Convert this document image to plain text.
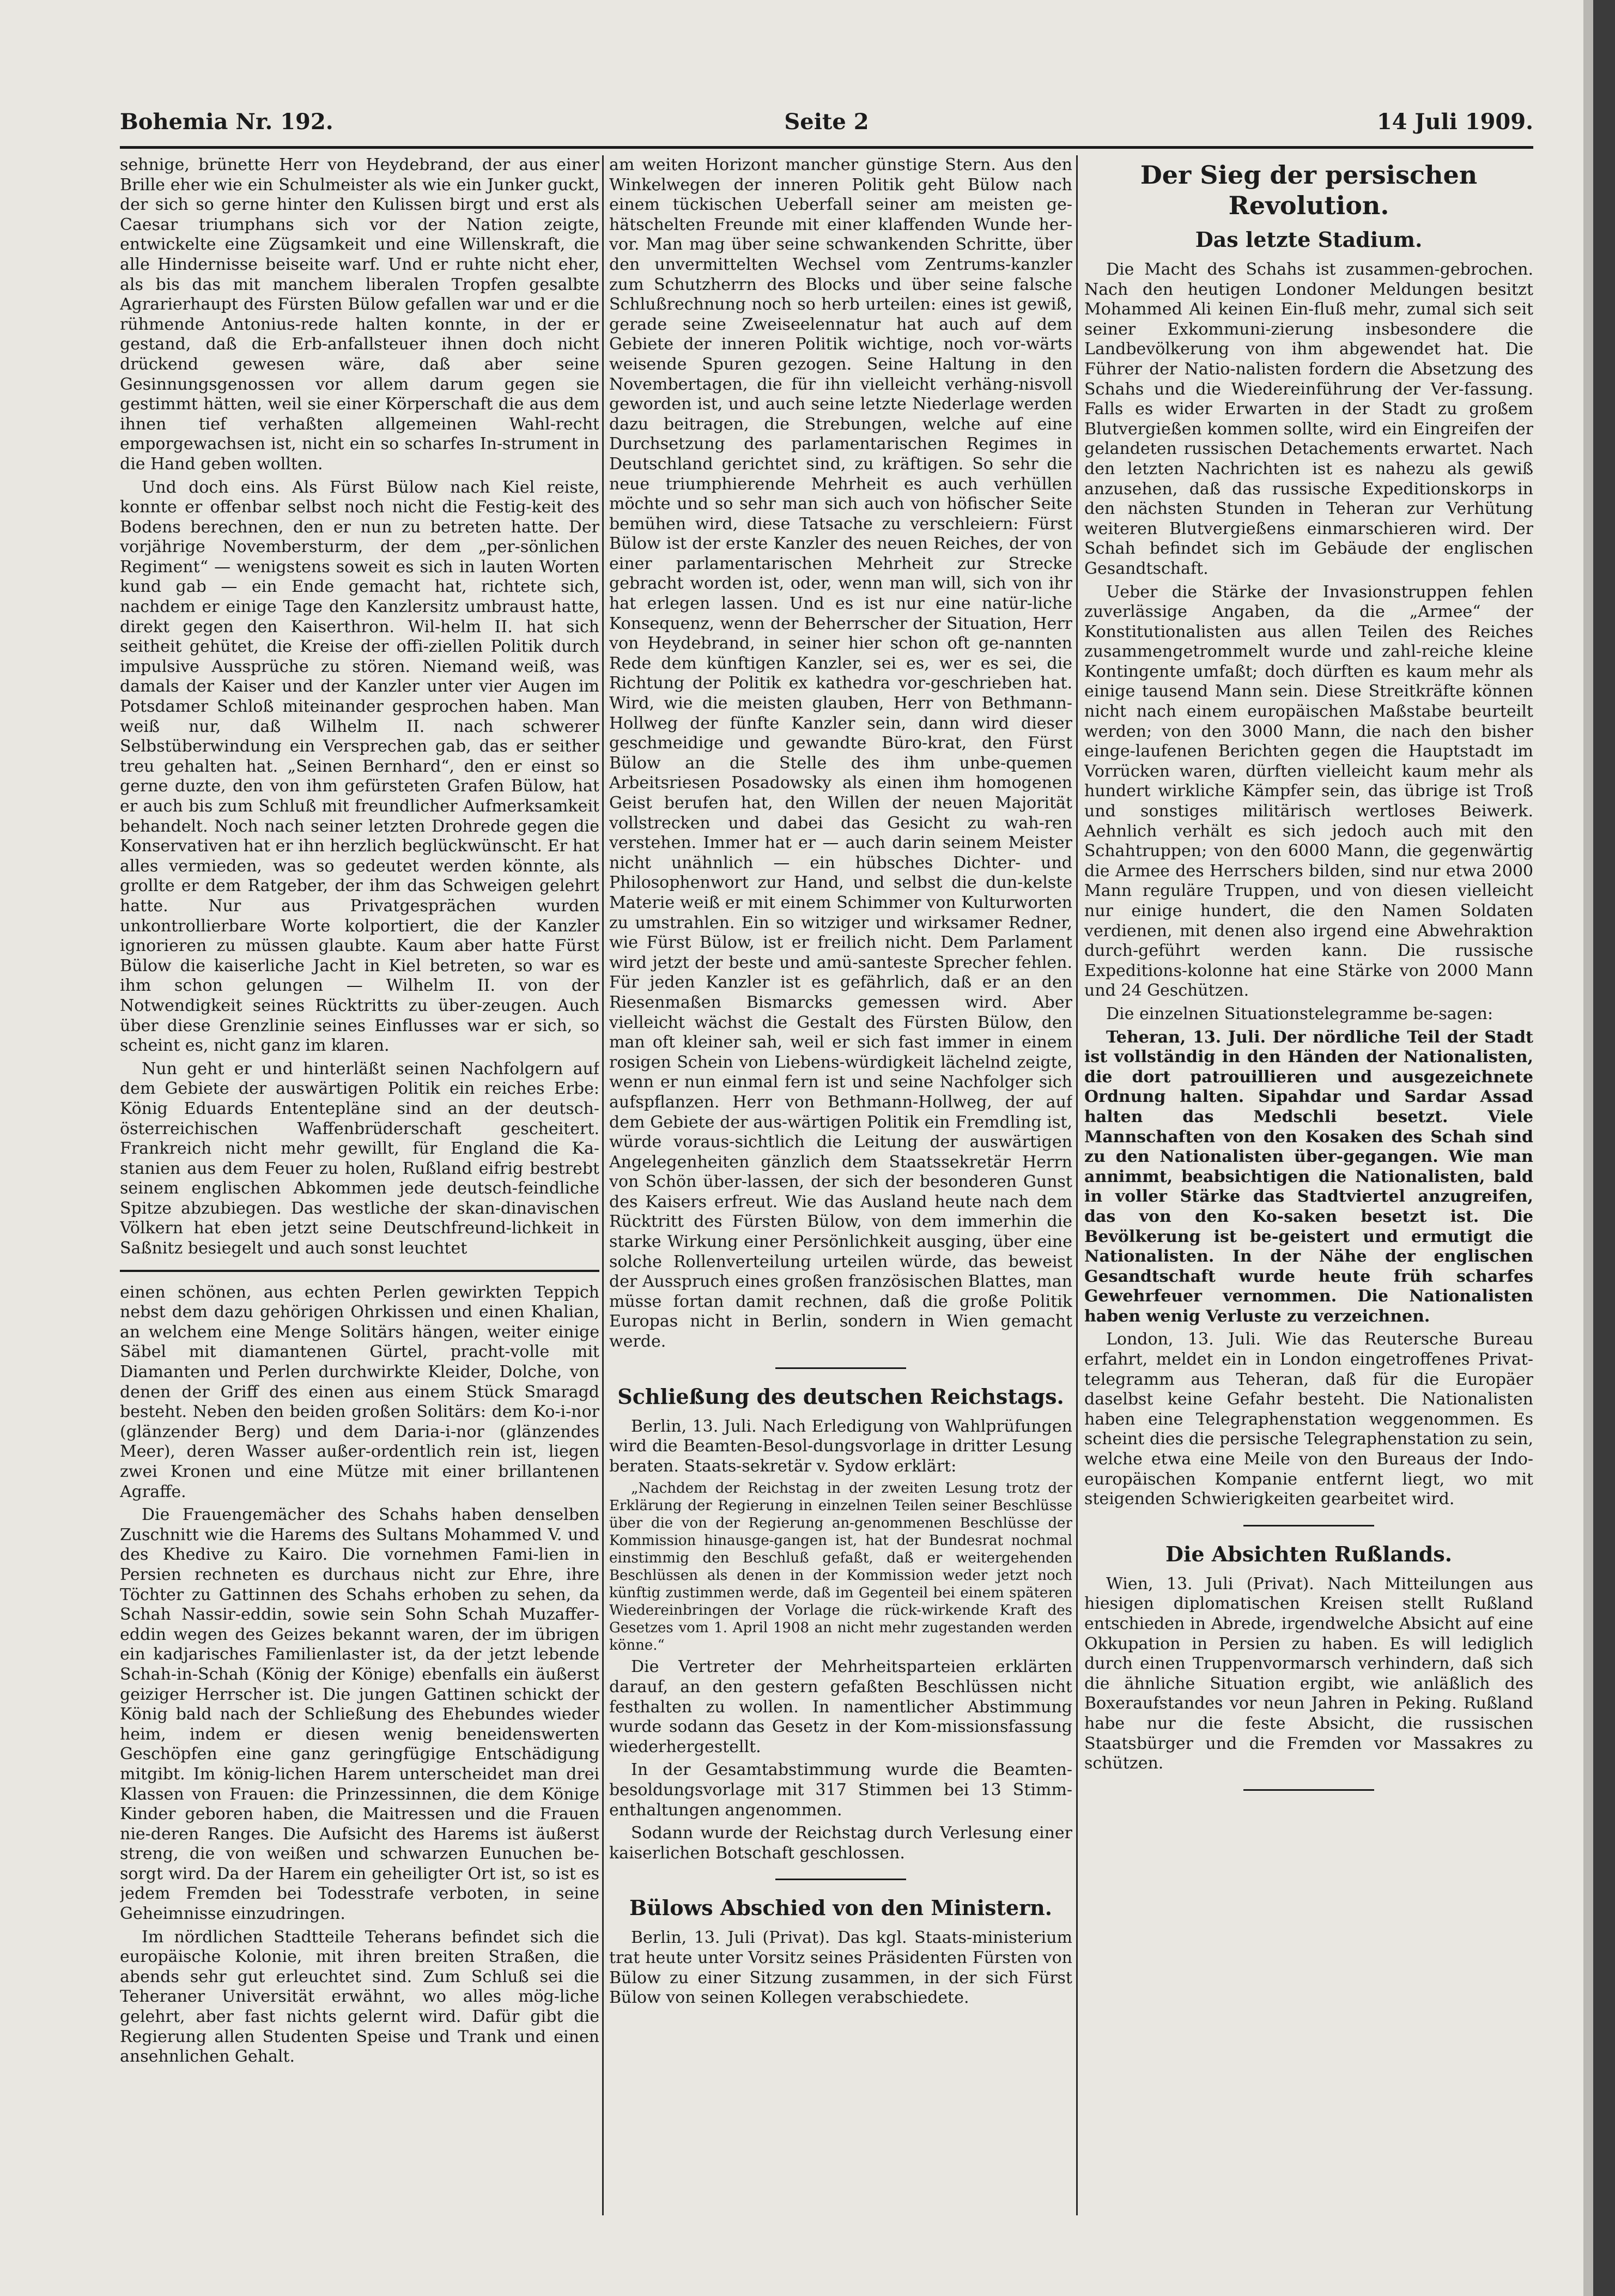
Bohemia Nr. 192.	Seite 2	14 Juli 1909.

sehnige, brünette Herr von Heydebrand, der aus einer Brille eher wie ein Schulmeister als wie ein Junker guckt, der sich so gerne hinter den Kulissen birgt und erst als Caesar triumphans sich vor der Nation zeigte, entwickelte eine Zügsamkeit und eine Willenskraft, die alle Hindernisse beiseite warf. Und er ruhte nicht eher, als bis das mit manchem liberalen Tropfen gesalbte Agrarierhaupt des Fürsten Bülow gefallen war und er die rühmende Antonius-rede halten konnte, in der er gestand, daß die Erb-anfallsteuer ihnen doch nicht drückend gewesen wäre, daß aber seine Gesinnungsgenossen vor allem darum gegen sie gestimmt hätten, weil sie einer Körperschaft die aus dem ihnen tief verhaßten allgemeinen Wahl-recht emporgewachsen ist, nicht ein so scharfes In-strument in die Hand geben wollten.

Und doch eins. Als Fürst Bülow nach Kiel reiste, konnte er offenbar selbst noch nicht die Festig-keit des Bodens berechnen, den er nun zu betreten hatte. Der vorjährige Novembersturm, der dem „per-sönlichen Regiment“ — wenigstens soweit es sich in lauten Worten kund gab — ein Ende gemacht hat, richtete sich, nachdem er einige Tage den Kanzlersitz umbraust hatte, direkt gegen den Kaiserthron. Wil-helm II. hat sich seitheit gehütet, die Kreise der offi-ziellen Politik durch impulsive Aussprüche zu stören. Niemand weiß, was damals der Kaiser und der Kanzler unter vier Augen im Potsdamer Schloß miteinander gesprochen haben. Man weiß nur, daß Wilhelm II. nach schwerer Selbstüberwindung ein Versprechen gab, das er seither treu gehalten hat. „Seinen Bernhard“, den er einst so gerne duzte, den von ihm gefürsteten Grafen Bülow, hat er auch bis zum Schluß mit freundlicher Aufmerksamkeit behandelt. Noch nach seiner letzten Drohrede gegen die Konservativen hat er ihn herzlich beglückwünscht. Er hat alles vermieden, was so gedeutet werden könnte, als grollte er dem Ratgeber, der ihm das Schweigen gelehrt hatte. Nur aus Privatgesprächen wurden unkontrollierbare Worte kolportiert, die der Kanzler ignorieren zu müssen glaubte. Kaum aber hatte Fürst Bülow die kaiserliche Jacht in Kiel betreten, so war es ihm schon gelungen — Wilhelm II. von der Notwendigkeit seines Rücktritts zu über-zeugen. Auch über diese Grenzlinie seines Einflusses war er sich, so scheint es, nicht ganz im klaren.

Nun geht er und hinterläßt seinen Nachfolgern auf dem Gebiete der auswärtigen Politik ein reiches Erbe: König Eduards Ententepläne sind an der deutsch-österreichischen Waffenbrüderschaft gescheitert. Frankreich nicht mehr gewillt, für England die Ka-stanien aus dem Feuer zu holen, Rußland eifrig bestrebt seinem englischen Abkommen jede deutsch-feindliche Spitze abzubiegen. Das westliche der skan-dinavischen Völkern hat eben jetzt seine Deutschfreund-lichkeit in Saßnitz besiegelt und auch sonst leuchtet

einen schönen, aus echten Perlen gewirkten Teppich nebst dem dazu gehörigen Ohrkissen und einen Khalian, an welchem eine Menge Solitärs hängen, weiter einige Säbel mit diamantenen Gürtel, pracht-volle mit Diamanten und Perlen durchwirkte Kleider, Dolche, von denen der Griff des einen aus einem Stück Smaragd besteht. Neben den beiden großen Solitärs: dem Ko-i-nor (glänzender Berg) und dem Daria-i-nor (glänzendes Meer), deren Wasser außer-ordentlich rein ist, liegen zwei Kronen und eine Mütze mit einer brillantenen Agraffe.

Die Frauengemächer des Schahs haben denselben Zuschnitt wie die Harems des Sultans Mohammed V. und des Khedive zu Kairo. Die vornehmen Fami-lien in Persien rechneten es durchaus nicht zur Ehre, ihre Töchter zu Gattinnen des Schahs erhoben zu sehen, da Schah Nassir-eddin, sowie sein Sohn Schah Muzaffer-eddin wegen des Geizes bekannt waren, der im übrigen ein kadjarisches Familienlaster ist, da der jetzt lebende Schah-in-Schah (König der Könige) ebenfalls ein äußerst geiziger Herrscher ist. Die jungen Gattinen schickt der König bald nach der Schließung des Ehebundes wieder heim, indem er diesen wenig beneidenswerten Geschöpfen eine ganz geringfügige Entschädigung mitgibt. Im könig-lichen Harem unterscheidet man drei Klassen von Frauen: die Prinzessinnen, die dem Könige Kinder geboren haben, die Maitressen und die Frauen nie-deren Ranges. Die Aufsicht des Harems ist äußerst streng, die von weißen und schwarzen Eunuchen be-sorgt wird. Da der Harem ein geheiligter Ort ist, so ist es jedem Fremden bei Todesstrafe verboten, in seine Geheimnisse einzudringen.

Im nördlichen Stadtteile Teherans befindet sich die europäische Kolonie, mit ihren breiten Straßen, die abends sehr gut erleuchtet sind. Zum Schluß sei die Teheraner Universität erwähnt, wo alles mög-liche gelehrt, aber fast nichts gelernt wird. Dafür gibt die Regierung allen Studenten Speise und Trank und einen ansehnlichen Gehalt.

am weiten Horizont mancher günstige Stern. Aus den Winkelwegen der inneren Politik geht Bülow nach einem tückischen Ueberfall seiner am meisten ge-hätschelten Freunde mit einer klaffenden Wunde her-vor. Man mag über seine schwankenden Schritte, über den unvermittelten Wechsel vom Zentrums-kanzler zum Schutzherrn des Blocks und über seine falsche Schlußrechnung noch so herb urteilen: eines ist gewiß, gerade seine Zweiseelennatur hat auch auf dem Gebiete der inneren Politik wichtige, noch vor-wärts weisende Spuren gezogen. Seine Haltung in den Novembertagen, die für ihn vielleicht verhäng-nisvoll geworden ist, und auch seine letzte Niederlage werden dazu beitragen, die Strebungen, welche auf eine Durchsetzung des parlamentarischen Regimes in Deutschland gerichtet sind, zu kräftigen. So sehr die neue triumphierende Mehrheit es auch verhüllen möchte und so sehr man sich auch von höfischer Seite bemühen wird, diese Tatsache zu verschleiern: Fürst Bülow ist der erste Kanzler des neuen Reiches, der von einer parlamentarischen Mehrheit zur Strecke gebracht worden ist, oder, wenn man will, sich von ihr hat erlegen lassen. Und es ist nur eine natür-liche Konsequenz, wenn der Beherrscher der Situation, Herr von Heydebrand, in seiner hier schon oft ge-nannten Rede dem künftigen Kanzler, sei es, wer es sei, die Richtung der Politik ex kathedra vor-geschrieben hat. Wird, wie die meisten glauben, Herr von Bethmann-Hollweg der fünfte Kanzler sein, dann wird dieser geschmeidige und gewandte Büro-krat, den Fürst Bülow an die Stelle des ihm unbe-quemen Arbeitsriesen Posadowsky als einen ihm homogenen Geist berufen hat, den Willen der neuen Majorität vollstrecken und dabei das Gesicht zu wah-ren verstehen. Immer hat er — auch darin seinem Meister nicht unähnlich — ein hübsches Dichter- und Philosophenwort zur Hand, und selbst die dun-kelste Materie weiß er mit einem Schimmer von Kulturworten zu umstrahlen. Ein so witziger und wirksamer Redner, wie Fürst Bülow, ist er freilich nicht. Dem Parlament wird jetzt der beste und amü-santeste Sprecher fehlen. Für jeden Kanzler ist es gefährlich, daß er an den Riesenmaßen Bismarcks gemessen wird. Aber vielleicht wächst die Gestalt des Fürsten Bülow, den man oft kleiner sah, weil er sich fast immer in einem rosigen Schein von Liebens-würdigkeit lächelnd zeigte, wenn er nun einmal fern ist und seine Nachfolger sich aufspflanzen. Herr von Bethmann-Hollweg, der auf dem Gebiete der aus-wärtigen Politik ein Fremdling ist, würde voraus-sichtlich die Leitung der auswärtigen Angelegenheiten gänzlich dem Staatssekretär Herrn von Schön über-lassen, der sich der besonderen Gunst des Kaisers erfreut. Wie das Ausland heute nach dem Rücktritt des Fürsten Bülow, von dem immerhin die starke Wirkung einer Persönlichkeit ausging, über eine solche Rollenverteilung urteilen würde, das beweist der Ausspruch eines großen französischen Blattes, man müsse fortan damit rechnen, daß die große Politik Europas nicht in Berlin, sondern in Wien gemacht werde.

Schließung des deutschen Reichstags.

Berlin, 13. Juli. Nach Erledigung von Wahlprüfungen wird die Beamten-Besol-dungsvorlage in dritter Lesung beraten. Staats-sekretär v. Sydow erklärt:

„Nachdem der Reichstag in der zweiten Lesung trotz der Erklärung der Regierung in einzelnen Teilen seiner Beschlüsse über die von der Regierung an-genommenen Beschlüsse der Kommission hinausge-gangen ist, hat der Bundesrat nochmal einstimmig den Beschluß gefaßt, daß er weitergehenden Beschlüssen als denen in der Kommission weder jetzt noch künftig zustimmen werde, daß im Gegenteil bei einem späteren Wiedereinbringen der Vorlage die rück-wirkende Kraft des Gesetzes vom 1. April 1908 an nicht mehr zugestanden werden könne.“

Die Vertreter der Mehrheitsparteien erklärten darauf, an den gestern gefaßten Beschlüssen nicht festhalten zu wollen. In namentlicher Abstimmung wurde sodann das Gesetz in der Kom-missionsfassung wiederhergestellt.

In der Gesamtabstimmung wurde die Beamten-besoldungsvorlage mit 317 Stimmen bei 13 Stimm-enthaltungen angenommen.

Sodann wurde der Reichstag durch Verlesung einer kaiserlichen Botschaft geschlossen.

Bülows Abschied von den Ministern.

Berlin, 13. Juli (Privat). Das kgl. Staats-ministerium trat heute unter Vorsitz seines Präsidenten Fürsten von Bülow zu einer Sitzung zusammen, in der sich Fürst Bülow von seinen Kollegen verabschiedete.

Der Sieg der persischen Revolution.
Das letzte Stadium.

Die Macht des Schahs ist zusammen-gebrochen. Nach den heutigen Londoner Meldungen besitzt Mohammed Ali keinen Ein-fluß mehr, zumal sich seit seiner Exkommuni-zierung insbesondere die Landbevölkerung von ihm abgewendet hat. Die Führer der Natio-nalisten fordern die Absetzung des Schahs und die Wiedereinführung der Ver-fassung. Falls es wider Erwarten in der Stadt zu großem Blutvergießen kommen sollte, wird ein Eingreifen der gelandeten russischen Detachements erwartet. Nach den letzten Nachrichten ist es nahezu als gewiß anzusehen, daß das russische Expeditionskorps in den nächsten Stunden in Teheran zur Verhütung weiteren Blutvergießens einmarschieren wird. Der Schah befindet sich im Gebäude der englischen Gesandtschaft.

Ueber die Stärke der Invasionstruppen fehlen zuverlässige Angaben, da die „Armee“ der Konstitutionalisten aus allen Teilen des Reiches zusammengetrommelt wurde und zahl-reiche kleine Kontingente umfaßt; doch dürften es kaum mehr als einige tausend Mann sein. Diese Streitkräfte können nicht nach einem europäischen Maßstabe beurteilt werden; von den 3000 Mann, die nach den bisher einge-laufenen Berichten gegen die Hauptstadt im Vorrücken waren, dürften vielleicht kaum mehr als hundert wirkliche Kämpfer sein, das übrige ist Troß und sonstiges militärisch wertloses Beiwerk. Aehnlich verhält es sich jedoch auch mit den Schahtruppen; von den 6000 Mann, die gegenwärtig die Armee des Herrschers bilden, sind nur etwa 2000 Mann reguläre Truppen, und von diesen vielleicht nur einige hundert, die den Namen Soldaten verdienen, mit denen also irgend eine Abwehraktion durch-geführt werden kann. Die russische Expeditions-kolonne hat eine Stärke von 2000 Mann und 24 Geschützen.

Die einzelnen Situationstelegramme be-sagen:

Teheran, 13. Juli. Der nördliche Teil der Stadt ist vollständig in den Händen der Nationalisten, die dort patrouillieren und ausgezeichnete Ordnung halten. Sipahdar und Sardar Assad halten das Medschli besetzt. Viele Mannschaften von den Kosaken des Schah sind zu den Nationalisten über-gegangen. Wie man annimmt, beabsichtigen die Nationalisten, bald in voller Stärke das Stadtviertel anzugreifen, das von den Ko-saken besetzt ist. Die Bevölkerung ist be-geistert und ermutigt die Nationalisten. In der Nähe der englischen Gesandtschaft wurde heute früh scharfes Gewehrfeuer vernommen. Die Nationalisten haben wenig Verluste zu verzeichnen.

London, 13. Juli. Wie das Reutersche Bureau erfahrt, meldet ein in London eingetroffenes Privat-telegramm aus Teheran, daß für die Europäer daselbst keine Gefahr besteht. Die Nationalisten haben eine Telegraphenstation weggenommen. Es scheint dies die persische Telegraphenstation zu sein, welche etwa eine Meile von den Bureaus der Indo-europäischen Kompanie entfernt liegt, wo mit steigenden Schwierigkeiten gearbeitet wird.

Die Absichten Rußlands.

Wien, 13. Juli (Privat). Nach Mitteilungen aus hiesigen diplomatischen Kreisen stellt Rußland entschieden in Abrede, irgendwelche Absicht auf eine Okkupation in Persien zu haben. Es will lediglich durch einen Truppenvormarsch verhindern, daß sich die ähnliche Situation ergibt, wie anläßlich des Boxeraufstandes vor neun Jahren in Peking. Rußland habe nur die feste Absicht, die russischen Staatsbürger und die Fremden vor Massakres zu schützen.
